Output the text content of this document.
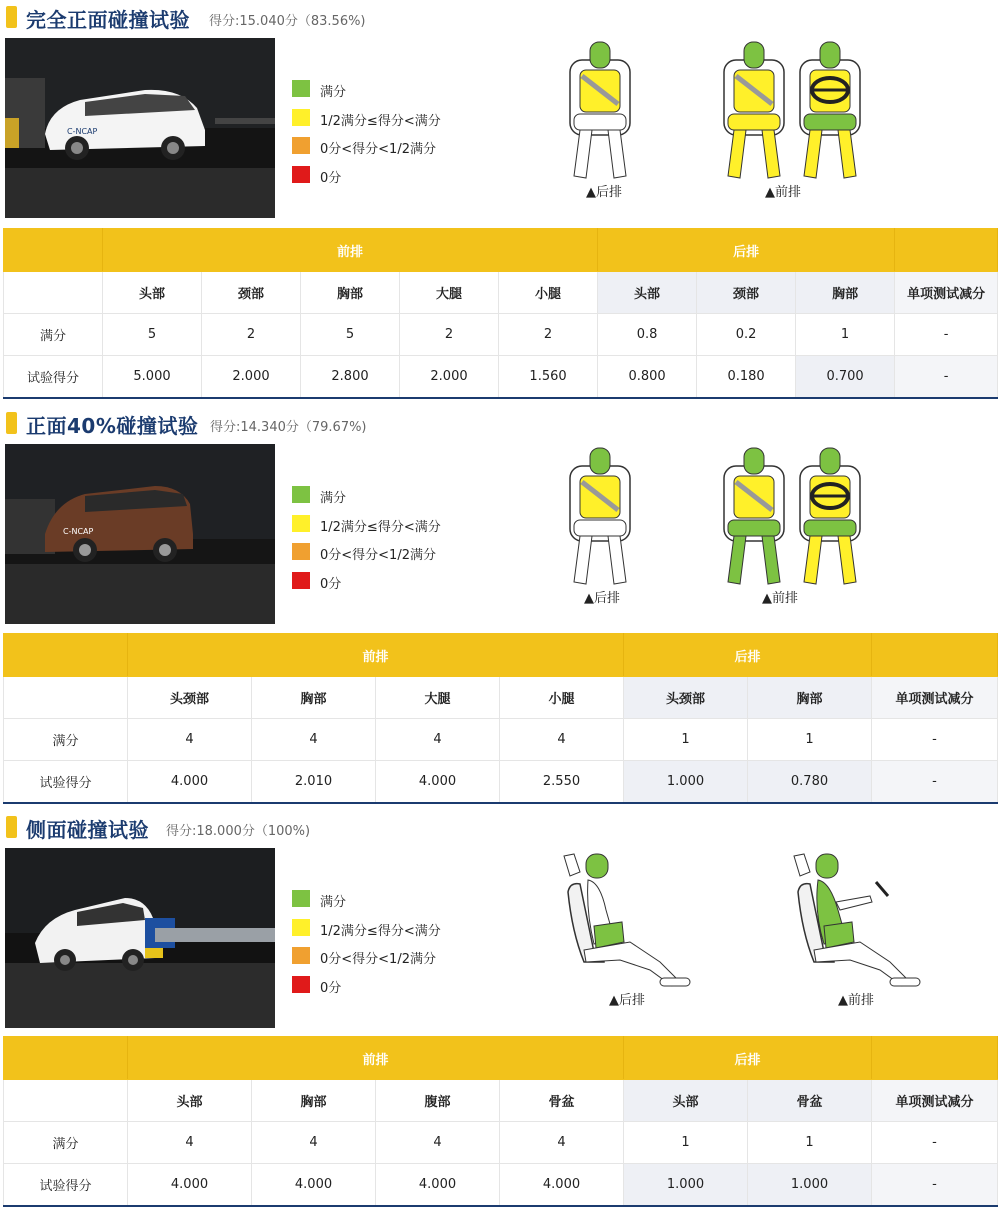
完全正面碰撞试验 得分:15.040分（83.56%)
C-NCAP
满分
1/2满分≤得分<满分
0分<得分<1/2满分
0分
▲后排	▲前排
	前排					后排			
	头部	颈部	胸部	大腿	小腿	头部	颈部	胸部	单项测试减分
满分	5	2	5	2	2	0.8	0.2	1	-
试验得分	5.000	2.000	2.800	2.000	1.560	0.800	0.180	0.700	-
正面40%碰撞试验 得分:14.340分（79.67%)
C-NCAP
满分
1/2满分≤得分<满分
0分<得分<1/2满分
0分
▲后排	▲前排
	前排				后排		
	头颈部	胸部	大腿	小腿	头颈部	胸部	单项测试减分
满分	4	4	4	4	1	1	-
试验得分	4.000	2.010	4.000	2.550	1.000	0.780	-
侧面碰撞试验 得分:18.000分（100%)
满分
1/2满分≤得分<满分
0分<得分<1/2满分
0分
▲后排	▲前排
	前排				后排		
	头部	胸部	腹部	骨盆	头部	骨盆	单项测试减分
满分	4	4	4	4	1	1	-
试验得分	4.000	4.000	4.000	4.000	1.000	1.000	-
